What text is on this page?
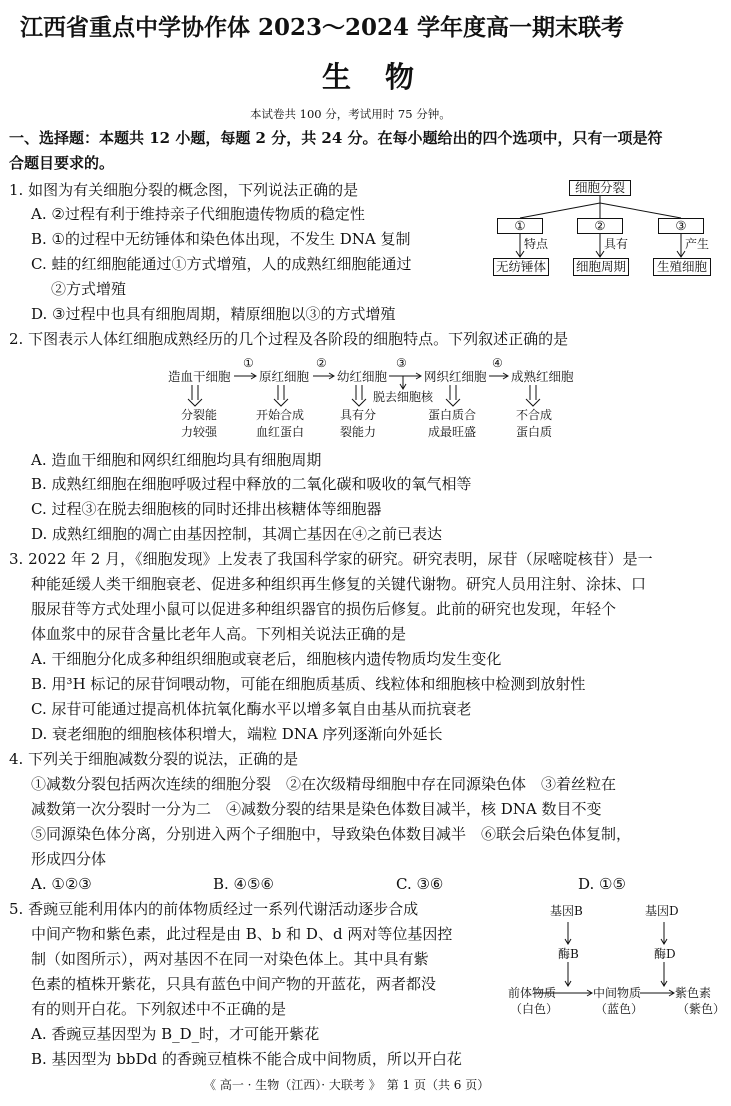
江西省重点中学协作体 2023～2024 学年度高一期末联考
生物
本试卷共 100 分，考试用时 75 分钟。
一、选择题：本题共 12 小题，每题 2 分，共 24 分。在每小题给出的四个选项中，只有一项是符
合题目要求的。
1. 如图为有关细胞分裂的概念图，下列说法正确的是
A. ②过程有利于维持亲子代细胞遗传物质的稳定性
B. ①的过程中无纺锤体和染色体出现，不发生 DNA 复制
C. 蛙的红细胞能通过①方式增殖，人的成熟红细胞能通过
②方式增殖
D. ③过程中也具有细胞周期，精原细胞以③的方式增殖
细胞分裂
①	②	③
特点	具有	产生
无纺锤体 细胞周期	生殖细胞
2. 下图表示人体红细胞成熟经历的几个过程及各阶段的细胞特点。下列叙述正确的是
①	②	③	④
造血干细胞 原红细胞 幼红细胞	网织红细胞 成熟红细胞
脱去细胞核
分裂能
力较强
开始合成
血红蛋白
具有分
裂能力
蛋白质合
成最旺盛
不合成
蛋白质
A. 造血干细胞和网织红细胞均具有细胞周期
B. 成熟红细胞在细胞呼吸过程中释放的二氧化碳和吸收的氧气相等
C. 过程③在脱去细胞核的同时还排出核糖体等细胞器
D. 成熟红细胞的凋亡由基因控制，其凋亡基因在④之前已表达
3. 2022 年 2 月，《细胞发现》上发表了我国科学家的研究。研究表明，尿苷（尿嘧啶核苷）是一
种能延缓人类干细胞衰老、促进多种组织再生修复的关键代谢物。研究人员用注射、涂抹、口
服尿苷等方式处理小鼠可以促进多种组织器官的损伤后修复。此前的研究也发现，年轻个
体血浆中的尿苷含量比老年人高。下列相关说法正确的是
A. 干细胞分化成多种组织细胞或衰老后，细胞核内遗传物质均发生变化
B. 用³H 标记的尿苷饲喂动物，可能在细胞质基质、线粒体和细胞核中检测到放射性
C. 尿苷可能通过提高机体抗氧化酶水平以增多氧自由基从而抗衰老
D. 衰老细胞的细胞核体积增大，端粒 DNA 序列逐渐向外延长
4. 下列关于细胞减数分裂的说法，正确的是
①减数分裂包括两次连续的细胞分裂　②在次级精母细胞中存在同源染色体　③着丝粒在
减数第一次分裂时一分为二　④减数分裂的结果是染色体数目减半，核 DNA 数目不变
⑤同源染色体分离，分别进入两个子细胞中，导致染色体数目减半　⑥联会后染色体复制，
形成四分体
A. ①②③	B. ④⑤⑥	C. ③⑥	D. ①⑤
5. 香豌豆能利用体内的前体物质经过一系列代谢活动逐步合成
中间产物和紫色素，此过程是由 B、b 和 D、d 两对等位基因控
制（如图所示），两对基因不在同一对染色体上。其中具有紫
色素的植株开紫花，只具有蓝色中间产物的开蓝花，两者都没
有的则开白花。下列叙述中不正确的是
A. 香豌豆基因型为 B_D_时，才可能开紫花
B. 基因型为 bbDd 的香豌豆植株不能合成中间物质，所以开白花
基因B	基因D
酶B	酶D
前体物质	中间物质	紫色素
（白色）	（蓝色）	（紫色）
《 高一 · 生物（江西）· 大联考 》　第 1 页（共 6 页）
